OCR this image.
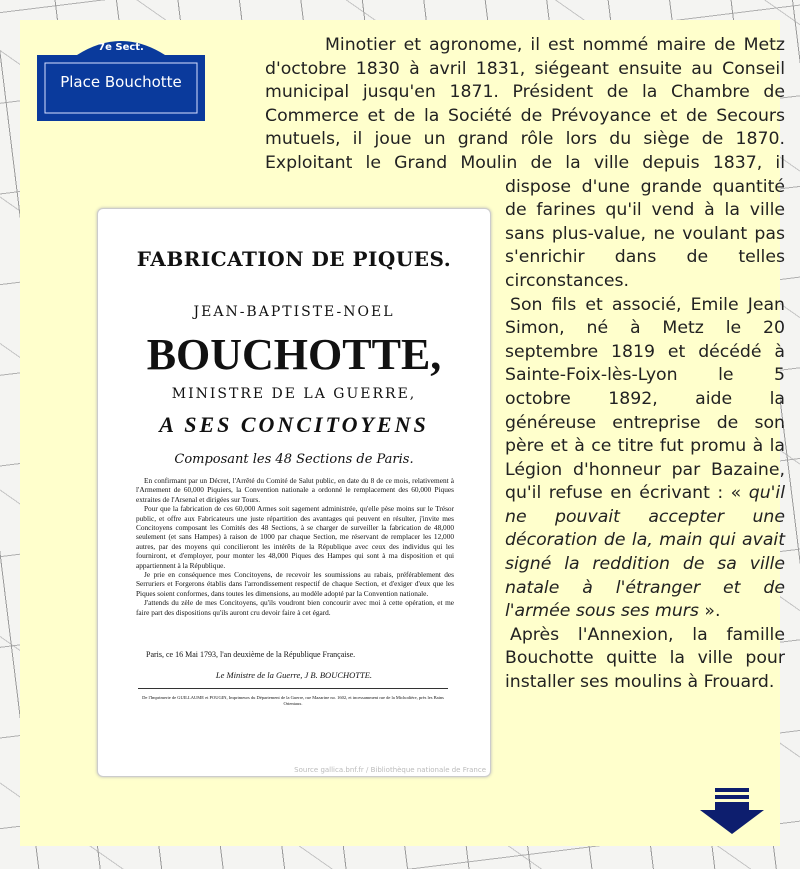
7e Sect.
Place Bouchotte

Minotier et agronome, il est nommé maire de Metz d'octobre 1830 à avril 1831, siégeant ensuite au Conseil municipal jusqu'en 1871. Président de la Chambre de Commerce et de la Société de Prévoyance et de Secours mutuels, il joue un grand rôle lors du siège de 1870. Exploitant le Grand Moulin de la ville depuis 1837, il dispose d'une grande quantité de farines qu'il vend à la ville sans plus-value, ne voulant pas s'enrichir dans de telles circonstances.

Son fils et associé, Emile Jean Simon, né à Metz le 20 septembre 1819 et décédé à Sainte-Foix-lès-Lyon le 5 octobre 1892, aide la généreuse entreprise de son père et à ce titre fut promu à la Légion d'honneur par Bazaine, qu'il refuse en écrivant : « qu'il ne pouvait accepter une décoration de la, main qui avait signé la reddition de sa ville natale à l'étranger et de l'armée sous ses murs ».

Après l'Annexion, la famille Bouchotte quitte la ville pour installer ses moulins à Frouard.

FABRICATION DE PIQUES.
JEAN-BAPTISTE-NOEL
BOUCHOTTE,
MINISTRE DE LA GUERRE,
A SES CONCITOYENS
Composant les 48 Sections de Paris.

En confirmant par un Décret, l'Arrêté du Comité de Salut public, en date du 8 de ce mois, relativement à l'Armement de 60,000 Piquiers, la Convention nationale a ordonné le remplacement des 60,000 Piques extraites de l'Arsenal et dirigées sur Tours.

Pour que la fabrication de ces 60,000 Armes soit sagement administrée, qu'elle pèse moins sur le Trésor public, et offre aux Fabricateurs une juste répartition des avantages qui peuvent en résulter, j'invite mes Concitoyens composant les Comités des 48 Sections, à se charger de surveiller la fabrication de 48,000 seulement (et sans Hampes) à raison de 1000 par chaque Section, me réservant de remplacer les 12,000 autres, par des moyens qui concilieront les intérêts de la République avec ceux des individus qui les fourniront, et d'employer, pour monter les 48,000 Piques des Hampes qui sont à ma disposition et qui appartiennent à la République.

Je prie en conséquence mes Concitoyens, de recevoir les soumissions au rabais, préférablement des Serruriers et Forgerons établis dans l'arrondissement respectif de chaque Section, et d'exiger d'eux que les Piques soient conformes, dans toutes les dimensions, au modèle adopté par la Convention nationale.

J'attends du zèle de mes Concitoyens, qu'ils voudront bien concourir avec moi à cette opération, et me faire part des dispositions qu'ils auront cru devoir faire à cet égard.

Paris, ce 16 Mai 1793, l'an deuxième de la République Française.
Le Ministre de la Guerre, J B. BOUCHOTTE.
De l'Imprimerie de GUILLAUME et POUGIN, Imprimeurs du Département de la Guerre, rue Mazarine no. 1602, et incessamment rue de la Michodière, près les Bains Orientaux.
Source gallica.bnf.fr / Bibliothèque nationale de France
